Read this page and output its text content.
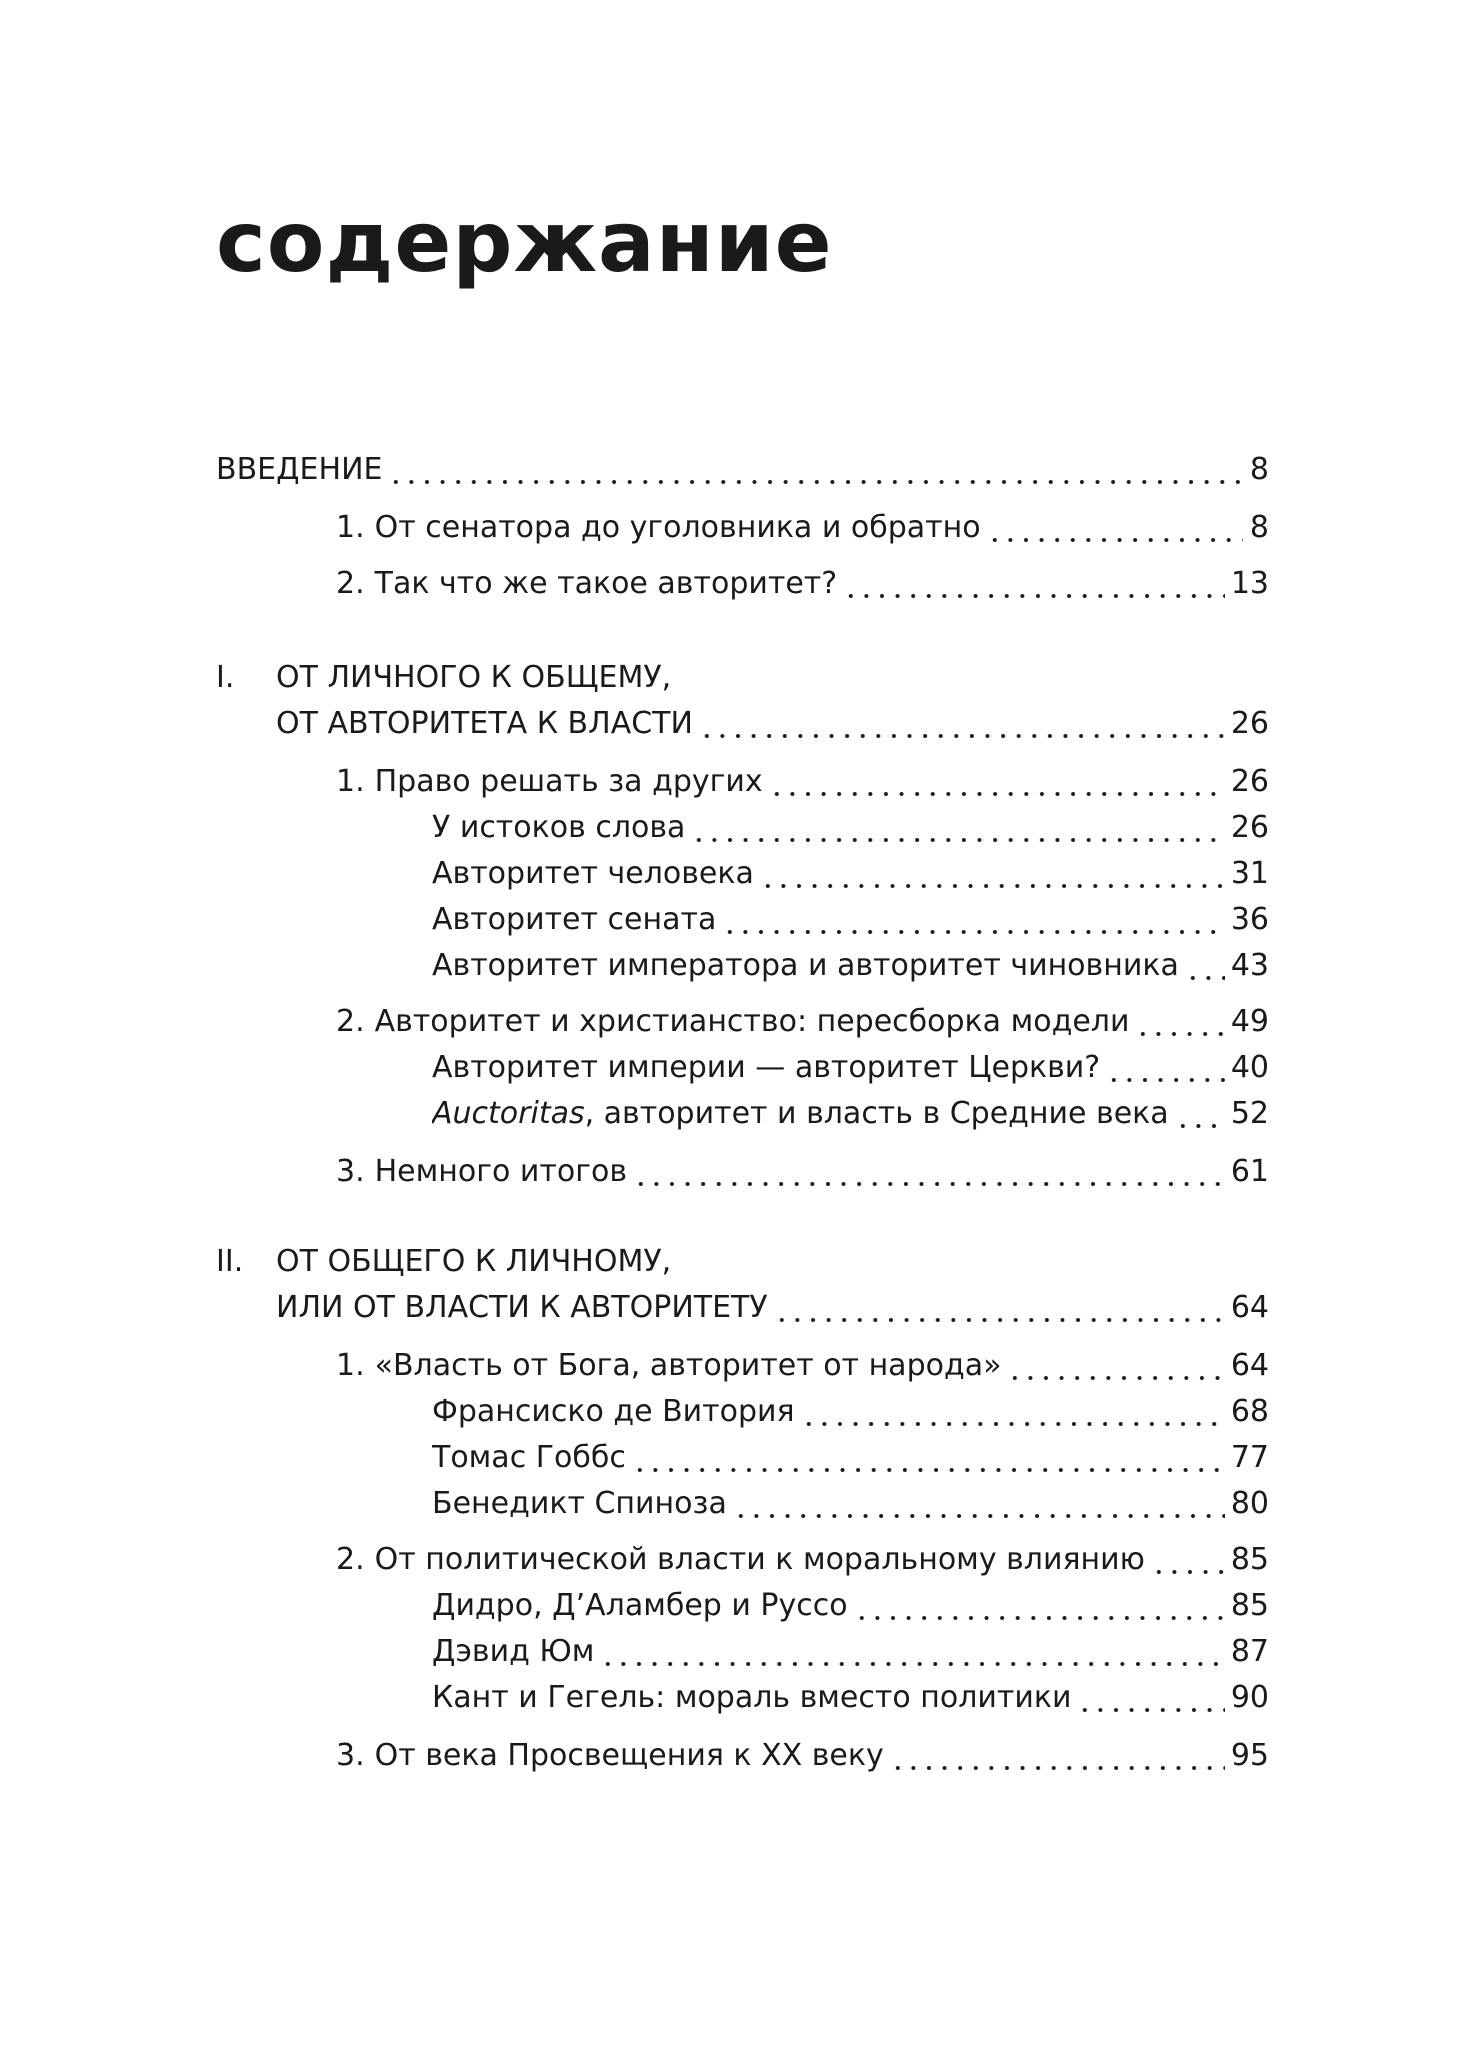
содержание
ВВЕДЕНИЕ	8
1. От сенатора до уголовника и обратно	8
2. Так что же такое авторитет?	13
I. ОТ ЛИЧНОГО К ОБЩЕМУ,
ОТ АВТОРИТЕТА К ВЛАСТИ	26
1. Право решать за других	26
У истоков слова	26
Авторитет человека	31
Авторитет сената	36
Авторитет императора и авторитет чиновника 43
2. Авторитет и христианство: пересборка модели	49
Авторитет империи — авторитет Церкви?	40
Auctoritas, авторитет и власть в Средние века 52
3. Немного итогов	61
II. ОТ ОБЩЕГО К ЛИЧНОМУ,
ИЛИ ОТ ВЛАСТИ К АВТОРИТЕТУ	64
1. «Власть от Бога, авторитет от народа»	64
Франсиско де Витория	68
Томас Гоббс	77
Бенедикт Спиноза	80
2. От политической власти к моральному влиянию	85
Дидро, Д’Аламбер и Руссо	85
Дэвид Юм	87
Кант и Гегель: мораль вместо политики	90
3. От века Просвещения к ХХ веку	95
